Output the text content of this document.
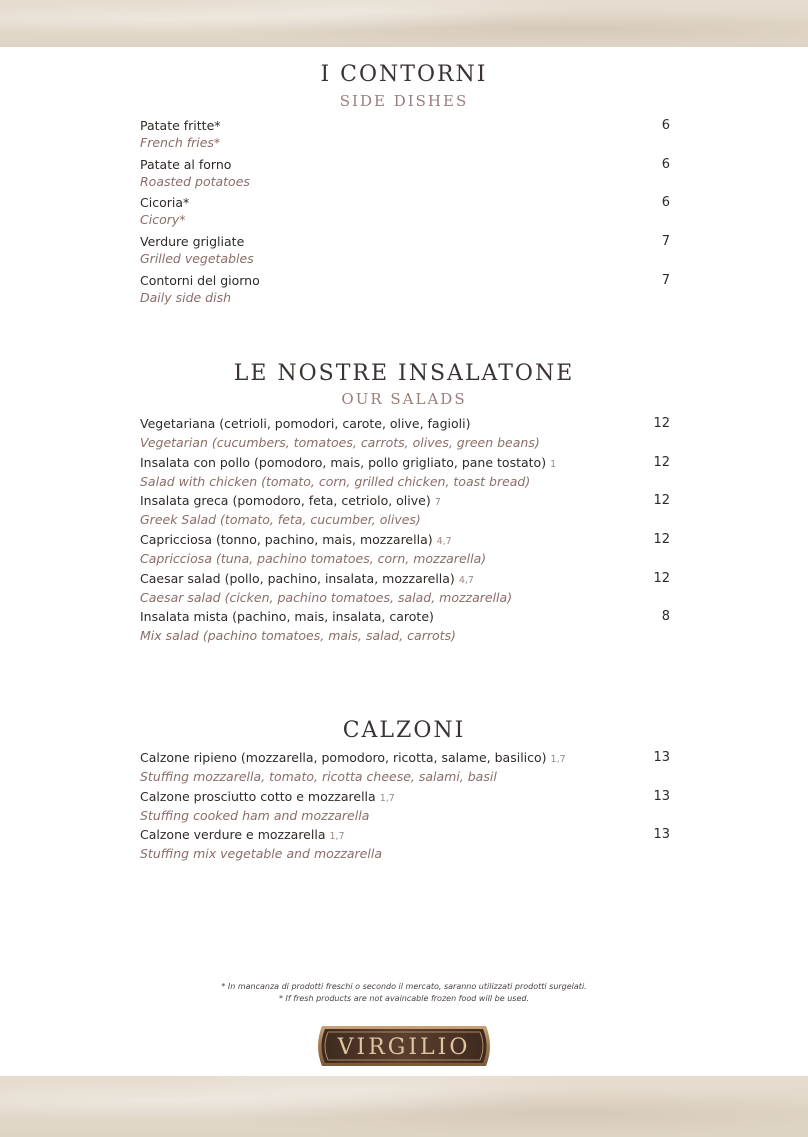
I CONTORNI
SIDE DISHES
Patate fritte*
French fries*
6
Patate al forno
Roasted potatoes
6
Cicoria*
Cicory*
6
Verdure grigliate
Grilled vegetables
7
Contorni del giorno
Daily side dish
7
LE NOSTRE INSALATONE
OUR SALADS
Vegetariana (cetrioli, pomodori, carote, olive, fagioli)
Vegetarian (cucumbers, tomatoes, carrots, olives, green beans)
12
Insalata con pollo (pomodoro, mais, pollo grigliato, pane tostato) 1
Salad with chicken (tomato, corn, grilled chicken, toast bread)
12
Insalata greca (pomodoro, feta, cetriolo, olive) 7
Greek Salad (tomato, feta, cucumber, olives)
12
Capricciosa (tonno, pachino, mais, mozzarella) 4,7
Capricciosa (tuna, pachino tomatoes, corn, mozzarella)
12
Caesar salad (pollo, pachino, insalata, mozzarella) 4,7
Caesar salad (cicken, pachino tomatoes, salad, mozzarella)
12
Insalata mista (pachino, mais, insalata, carote)
Mix salad (pachino tomatoes, mais, salad, carrots)
8
CALZONI
Calzone ripieno (mozzarella, pomodoro, ricotta, salame, basilico) 1,7
Stuffing mozzarella, tomato, ricotta cheese, salami, basil
13
Calzone prosciutto cotto e mozzarella 1,7
Stuffing cooked ham and mozzarella
13
Calzone verdure e mozzarella 1,7
Stuffing mix vegetable and mozzarella
13
* In mancanza di prodotti freschi o secondo il mercato, saranno utilizzati prodotti surgelati.
* If fresh products are not avaincable frozen food will be used.
VIRGILIO
